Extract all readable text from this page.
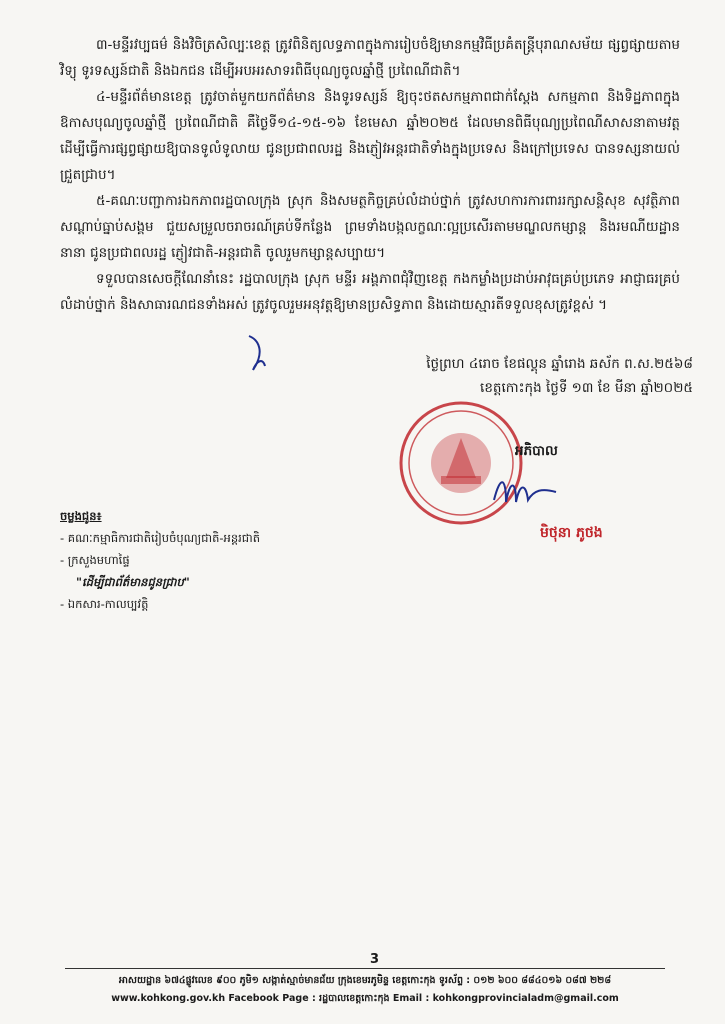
៣-មន្ទីរវប្បធម៌ និងវិចិត្រសិល្បៈខេត្ត ត្រូវពិនិត្យលទ្ធភាពក្នុងការរៀបចំឱ្យមានកម្មវិធីប្រគំតន្ត្រីបុរាណសម័យ ផ្សព្វផ្សាយតាមវិទ្យុ ទូរទស្សន៍ជាតិ និងឯកជន ដើម្បីអបអរសាទរពិធីបុណ្យចូលឆ្នាំថ្មី ប្រពៃណីជាតិ។

៤-មន្ទីរព័ត៌មានខេត្ត ត្រូវចាត់មួកយកព័ត៌មាន និងទូរទស្សន៍ ឱ្យចុះថតសកម្មភាពជាក់ស្តែង សកម្មភាព និងទិដ្ឋភាពក្នុងឱកាសបុណ្យចូលឆ្នាំថ្មី ប្រពៃណីជាតិ គឺថ្ងៃទី១៤-១៥-១៦ ខែមេសា ឆ្នាំ២០២៥ ដែលមានពិធីបុណ្យប្រពៃណីសាសនាតាមវត្ត ដើម្បីធ្វើការផ្សព្វផ្សាយឱ្យបានទូលំទូលាយ ជូនប្រជាពលរដ្ឋ និងភ្ញៀវអន្តរជាតិទាំងក្នុងប្រទេស និងក្រៅប្រទេស បានទស្សនាយល់ជ្រួតជ្រាប។

៥-គណៈបញ្ជាការឯកភាពរដ្ឋបាលក្រុង ស្រុក និងសមត្ថកិច្ចគ្រប់លំដាប់ថ្នាក់ ត្រូវសហការការពាររក្សាសន្តិសុខ សុវត្ថិភាព សណ្តាប់ធ្នាប់សង្គម ជួយសម្រួលចរាចរណ៍គ្រប់ទីកន្លែង ព្រមទាំងបង្កលក្ខណៈល្អប្រសើរតាមមណ្ឌលកម្សាន្ត និងរមណីយដ្ឋាននានា ជូនប្រជាពលរដ្ឋ ភ្ញៀវជាតិ-អន្តរជាតិ ចូលរួមកម្សាន្តសប្បាយ។

ទទួលបានសេចក្តីណែនាំនេះ រដ្ឋបាលក្រុង ស្រុក មន្ទីរ អង្គភាពជុំវិញខេត្ត កងកម្លាំងប្រដាប់អាវុធគ្រប់ប្រភេទ អាជ្ញាធរគ្រប់លំដាប់ថ្នាក់ និងសាធារណជនទាំងអស់ ត្រូវចូលរួមអនុវត្តឱ្យមានប្រសិទ្ធភាព និងដោយស្មារតីទទួលខុសត្រូវខ្ពស់ ។

ថ្ងៃព្រហ ៤រោច ខែផល្គុន ឆ្នាំរោង ឆស័ក ព.ស.២៥៦៨
ខេត្តកោះកុង ថ្ងៃទី ១៣ ខែ មីនា ឆ្នាំ២០២៥
អភិបាល
មិថុនា ភូថង
ចម្លងជូន៖
- គណៈកម្មាធិការជាតិរៀបចំបុណ្យជាតិ-អន្តរជាតិ
- ក្រសួងមហាផ្ទៃ
"ដើម្បីជាព័ត៌មានជូនជ្រាប"
- ឯកសារ-កាលប្បវត្តិ
3
អាសយដ្ឋាន ៦៧៤ផ្លូវលេខ ៩០០ ភូមិ១ សង្កាត់ស្មាច់មានជ័យ ក្រុងខេមរភូមិន្ទ ខេត្តកោះកុង ទូរស័ព្ទ : ០១២ ៦០០ ៨៨៤០១៦ ០៨៧ ២២៨
www.kohkong.gov.kh Facebook Page : រដ្ឋបាលខេត្តកោះកុង Email : kohkongprovincialadm@gmail.com
